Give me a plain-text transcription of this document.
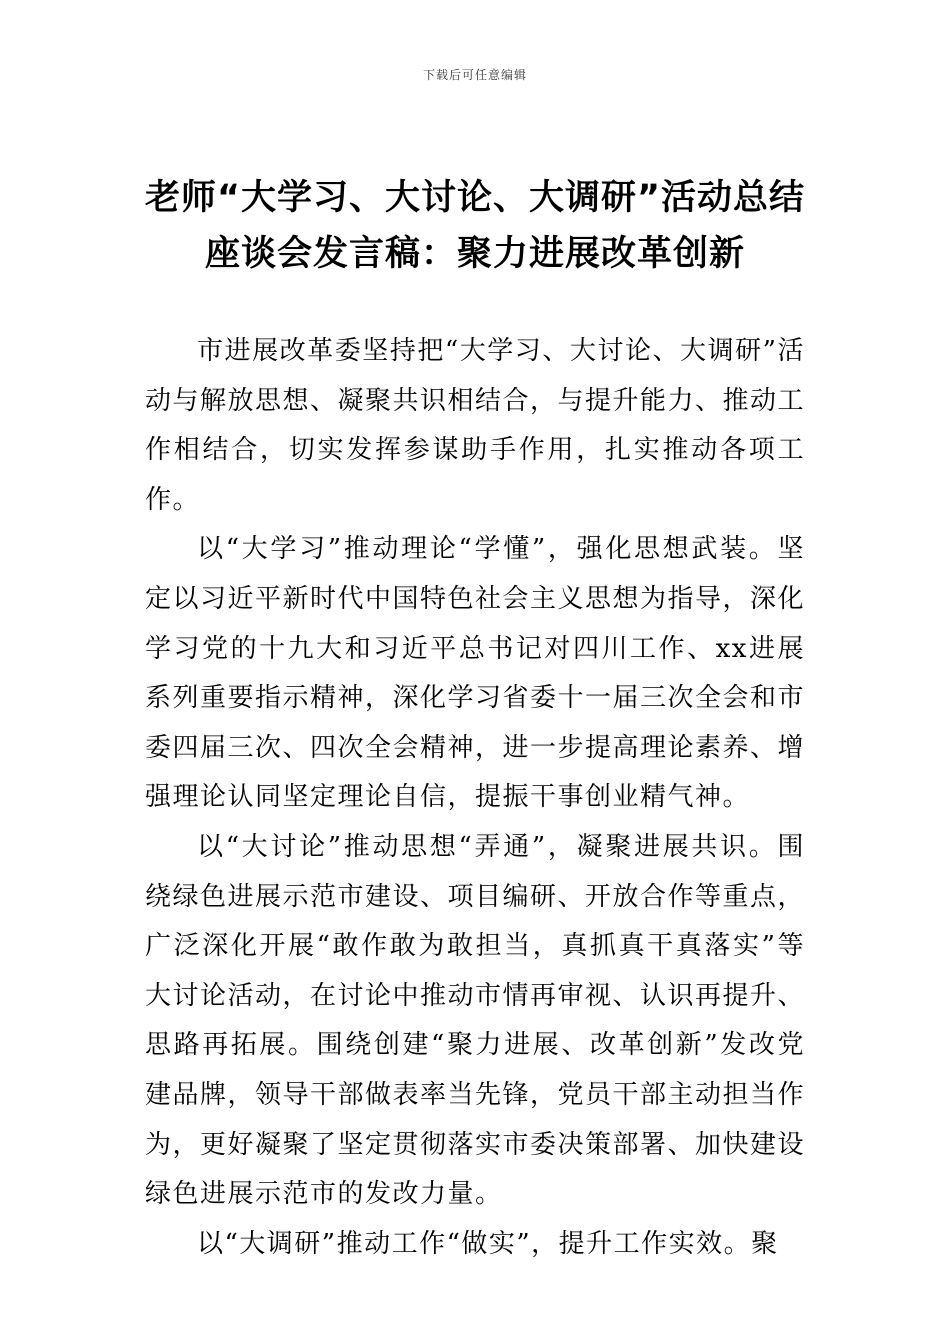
下载后可任意编辑
老师“大学习、大讨论、大调研”活动总结座谈会发言稿：聚力进展改革创新

市进展改革委坚持把“大学习、大讨论、大调研”活动与解放思想、凝聚共识相结合，与提升能力、推动工作相结合，切实发挥参谋助手作用，扎实推动各项工作。

以“大学习”推动理论“学懂”，强化思想武装。坚定以习近平新时代中国特色社会主义思想为指导，深化学习党的十九大和习近平总书记对四川工作、xx进展系列重要指示精神，深化学习省委十一届三次全会和市委四届三次、四次全会精神，进一步提高理论素养、增强理论认同坚定理论自信，提振干事创业精气神。

以“大讨论”推动思想“弄通”，凝聚进展共识。围绕绿色进展示范市建设、项目编研、开放合作等重点，广泛深化开展“敢作敢为敢担当，真抓真干真落实”等大讨论活动，在讨论中推动市情再审视、认识再提升、思路再拓展。围绕创建“聚力进展、改革创新”发改党建品牌，领导干部做表率当先锋，党员干部主动担当作为，更好凝聚了坚定贯彻落实市委决策部署、加快建设绿色进展示范市的发改力量。

以“大调研”推动工作“做实”，提升工作实效。聚
